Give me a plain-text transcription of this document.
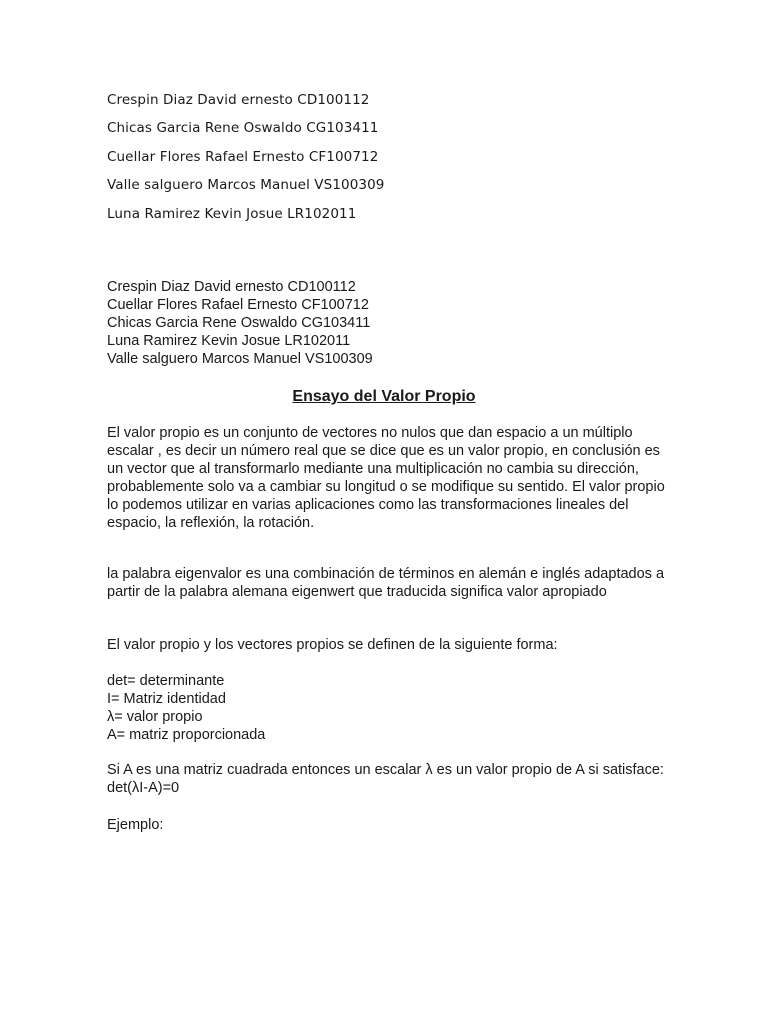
Crespin Diaz David ernesto CD100112
Chicas Garcia Rene Oswaldo CG103411
Cuellar Flores Rafael Ernesto CF100712
Valle salguero Marcos Manuel VS100309
Luna Ramirez Kevin Josue LR102011
Crespin Diaz David ernesto CD100112
Cuellar Flores Rafael Ernesto CF100712
Chicas Garcia Rene Oswaldo CG103411
Luna Ramirez Kevin Josue LR102011
Valle salguero Marcos Manuel VS100309
Ensayo del Valor Propio
El valor propio es un conjunto de vectores no nulos que dan espacio a un múltiplo escalar , es decir un número real que se dice que es un valor propio, en conclusión es un vector que al transformarlo mediante una multiplicación no cambia su dirección, probablemente solo va a cambiar su longitud o se modifique su sentido. El valor propio lo podemos utilizar en varias aplicaciones como las transformaciones lineales del espacio, la reflexión, la rotación.
la palabra eigenvalor es una combinación de términos en alemán e inglés adaptados a partir de la palabra alemana eigenwert que traducida significa valor apropiado
El valor propio y los vectores propios se definen de la siguiente forma:
det= determinante
I= Matriz identidad
λ= valor propio
A= matriz proporcionada
Si A es una matriz cuadrada entonces un escalar λ es un valor propio de A si satisface: det(λI-A)=0
Ejemplo:
